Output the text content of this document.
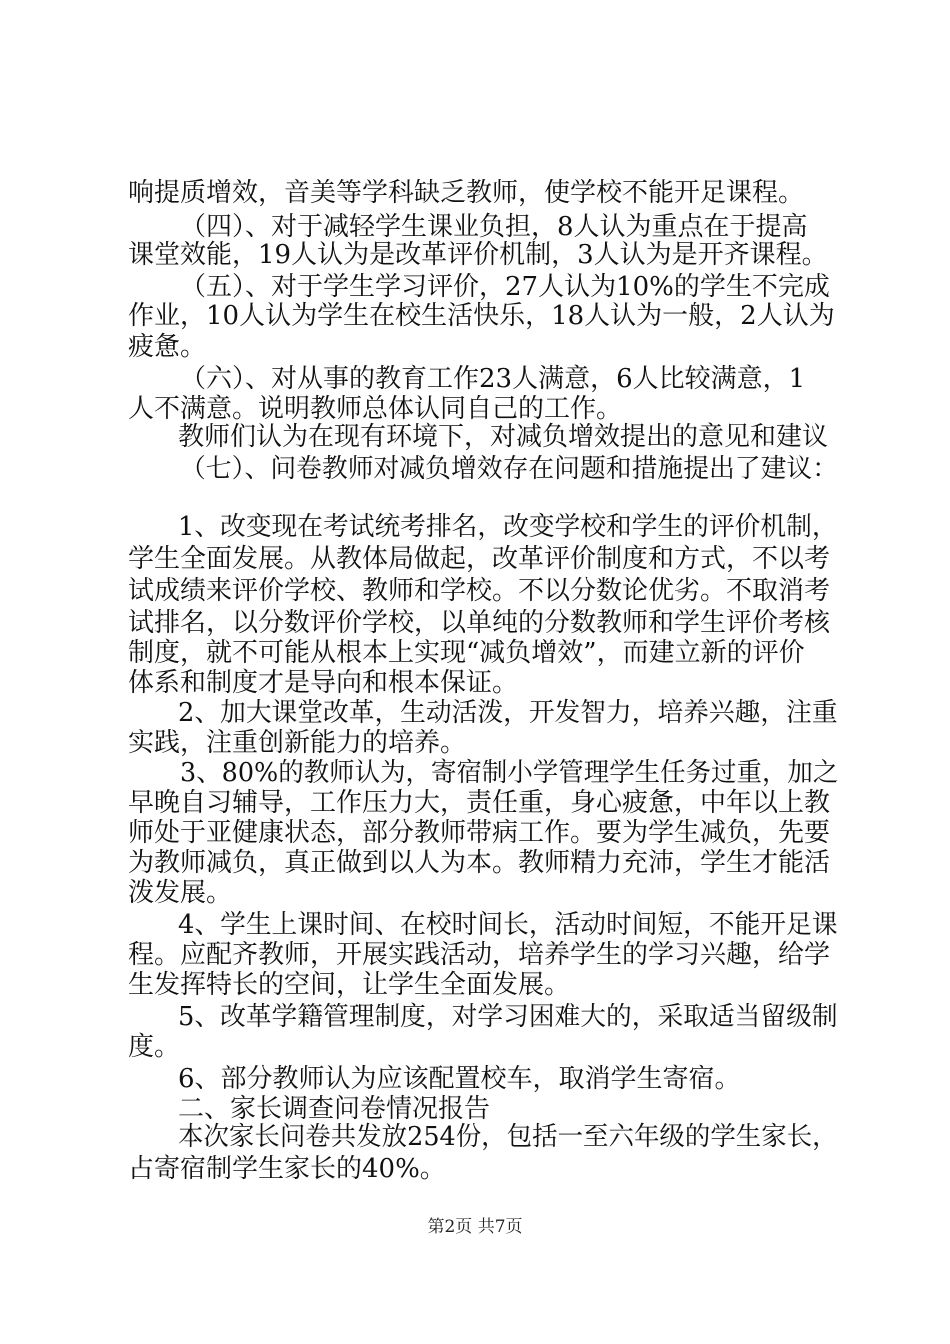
响提质增效，音美等学科缺乏教师，使学校不能开足课程。
（四）、对于减轻学生课业负担，8人认为重点在于提高
课堂效能，19人认为是改革评价机制，3人认为是开齐课程。
（五）、对于学生学习评价，27人认为10%的学生不完成
作业，10人认为学生在校生活快乐，18人认为一般，2人认为
疲惫。
（六）、对从事的教育工作23人满意，6人比较满意，1
人不满意。说明教师总体认同自己的工作。
教师们认为在现有环境下，对减负增效提出的意见和建议
（七）、问卷教师对减负增效存在问题和措施提出了建议：
1、改变现在考试统考排名，改变学校和学生的评价机制，
学生全面发展。从教体局做起，改革评价制度和方式，不以考
试成绩来评价学校、教师和学校。不以分数论优劣。不取消考
试排名，以分数评价学校，以单纯的分数教师和学生评价考核
制度，就不可能从根本上实现“减负增效”，而建立新的评价
体系和制度才是导向和根本保证。
2、加大课堂改革，生动活泼，开发智力，培养兴趣，注重
实践，注重创新能力的培养。
3、80%的教师认为，寄宿制小学管理学生任务过重，加之
早晚自习辅导，工作压力大，责任重，身心疲惫，中年以上教
师处于亚健康状态，部分教师带病工作。要为学生减负，先要
为教师减负，真正做到以人为本。教师精力充沛，学生才能活
泼发展。
4、学生上课时间、在校时间长，活动时间短，不能开足课
程。应配齐教师，开展实践活动，培养学生的学习兴趣，给学
生发挥特长的空间，让学生全面发展。
5、改革学籍管理制度，对学习困难大的，采取适当留级制
度。
6、部分教师认为应该配置校车，取消学生寄宿。
二、家长调查问卷情况报告
本次家长问卷共发放254份，包括一至六年级的学生家长，
占寄宿制学生家长的40%。
第2页 共7页
